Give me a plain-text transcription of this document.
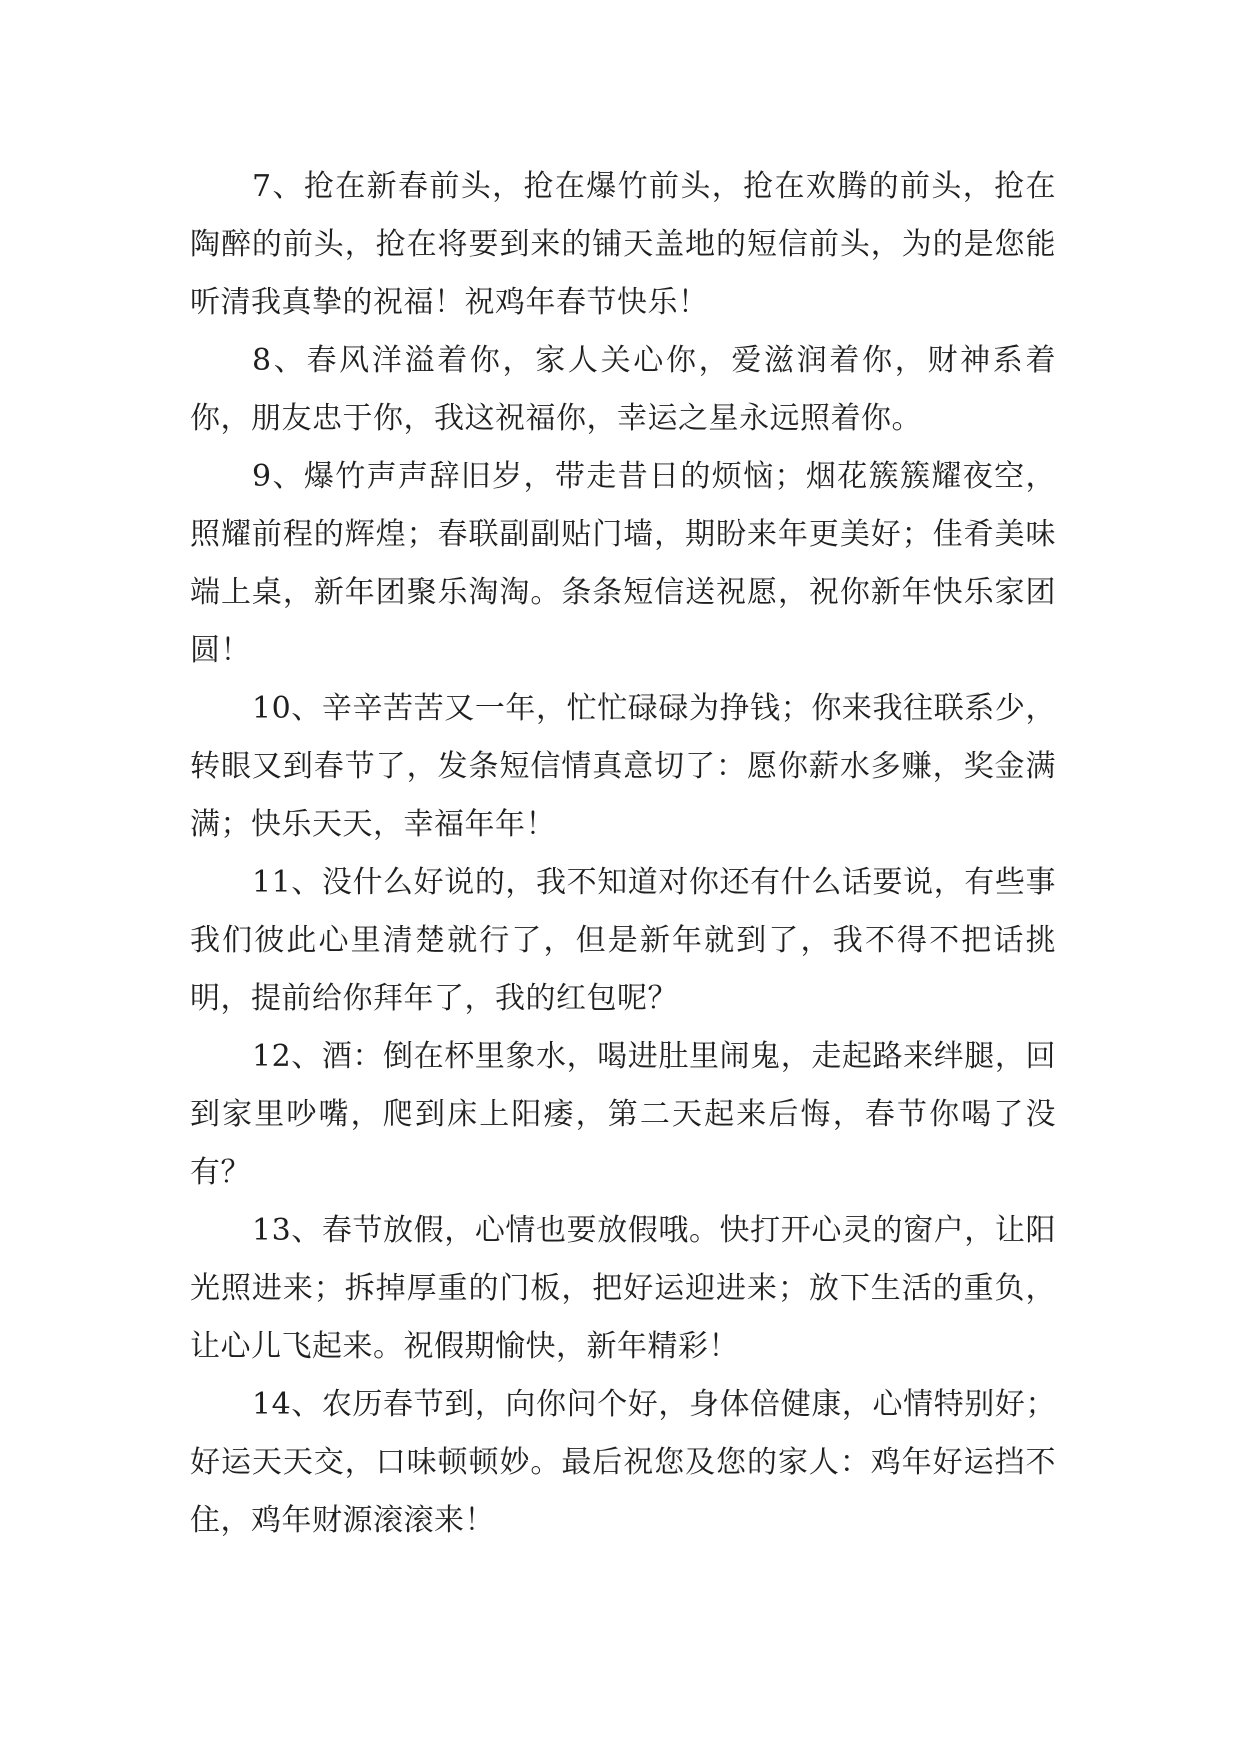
7、抢在新春前头，抢在爆竹前头，抢在欢腾的前头，抢在陶醉的前头，抢在将要到来的铺天盖地的短信前头，为的是您能听清我真挚的祝福！祝鸡年春节快乐！

8、春风洋溢着你，家人关心你，爱滋润着你，财神系着你，朋友忠于你，我这祝福你，幸运之星永远照着你。

9、爆竹声声辞旧岁，带走昔日的烦恼；烟花簇簇耀夜空，照耀前程的辉煌；春联副副贴门墙，期盼来年更美好；佳肴美味端上桌，新年团聚乐淘淘。条条短信送祝愿，祝你新年快乐家团圆！

10、辛辛苦苦又一年，忙忙碌碌为挣钱；你来我往联系少，转眼又到春节了，发条短信情真意切了：愿你薪水多赚，奖金满满；快乐天天，幸福年年！

11、没什么好说的，我不知道对你还有什么话要说，有些事我们彼此心里清楚就行了，但是新年就到了，我不得不把话挑明，提前给你拜年了，我的红包呢？

12、酒：倒在杯里象水，喝进肚里闹鬼，走起路来绊腿，回到家里吵嘴，爬到床上阳痿，第二天起来后悔，春节你喝了没有？

13、春节放假，心情也要放假哦。快打开心灵的窗户，让阳光照进来；拆掉厚重的门板，把好运迎进来；放下生活的重负，让心儿飞起来。祝假期愉快，新年精彩！

14、农历春节到，向你问个好，身体倍健康，心情特别好；好运天天交，口味顿顿妙。最后祝您及您的家人：鸡年好运挡不住，鸡年财源滚滚来！
